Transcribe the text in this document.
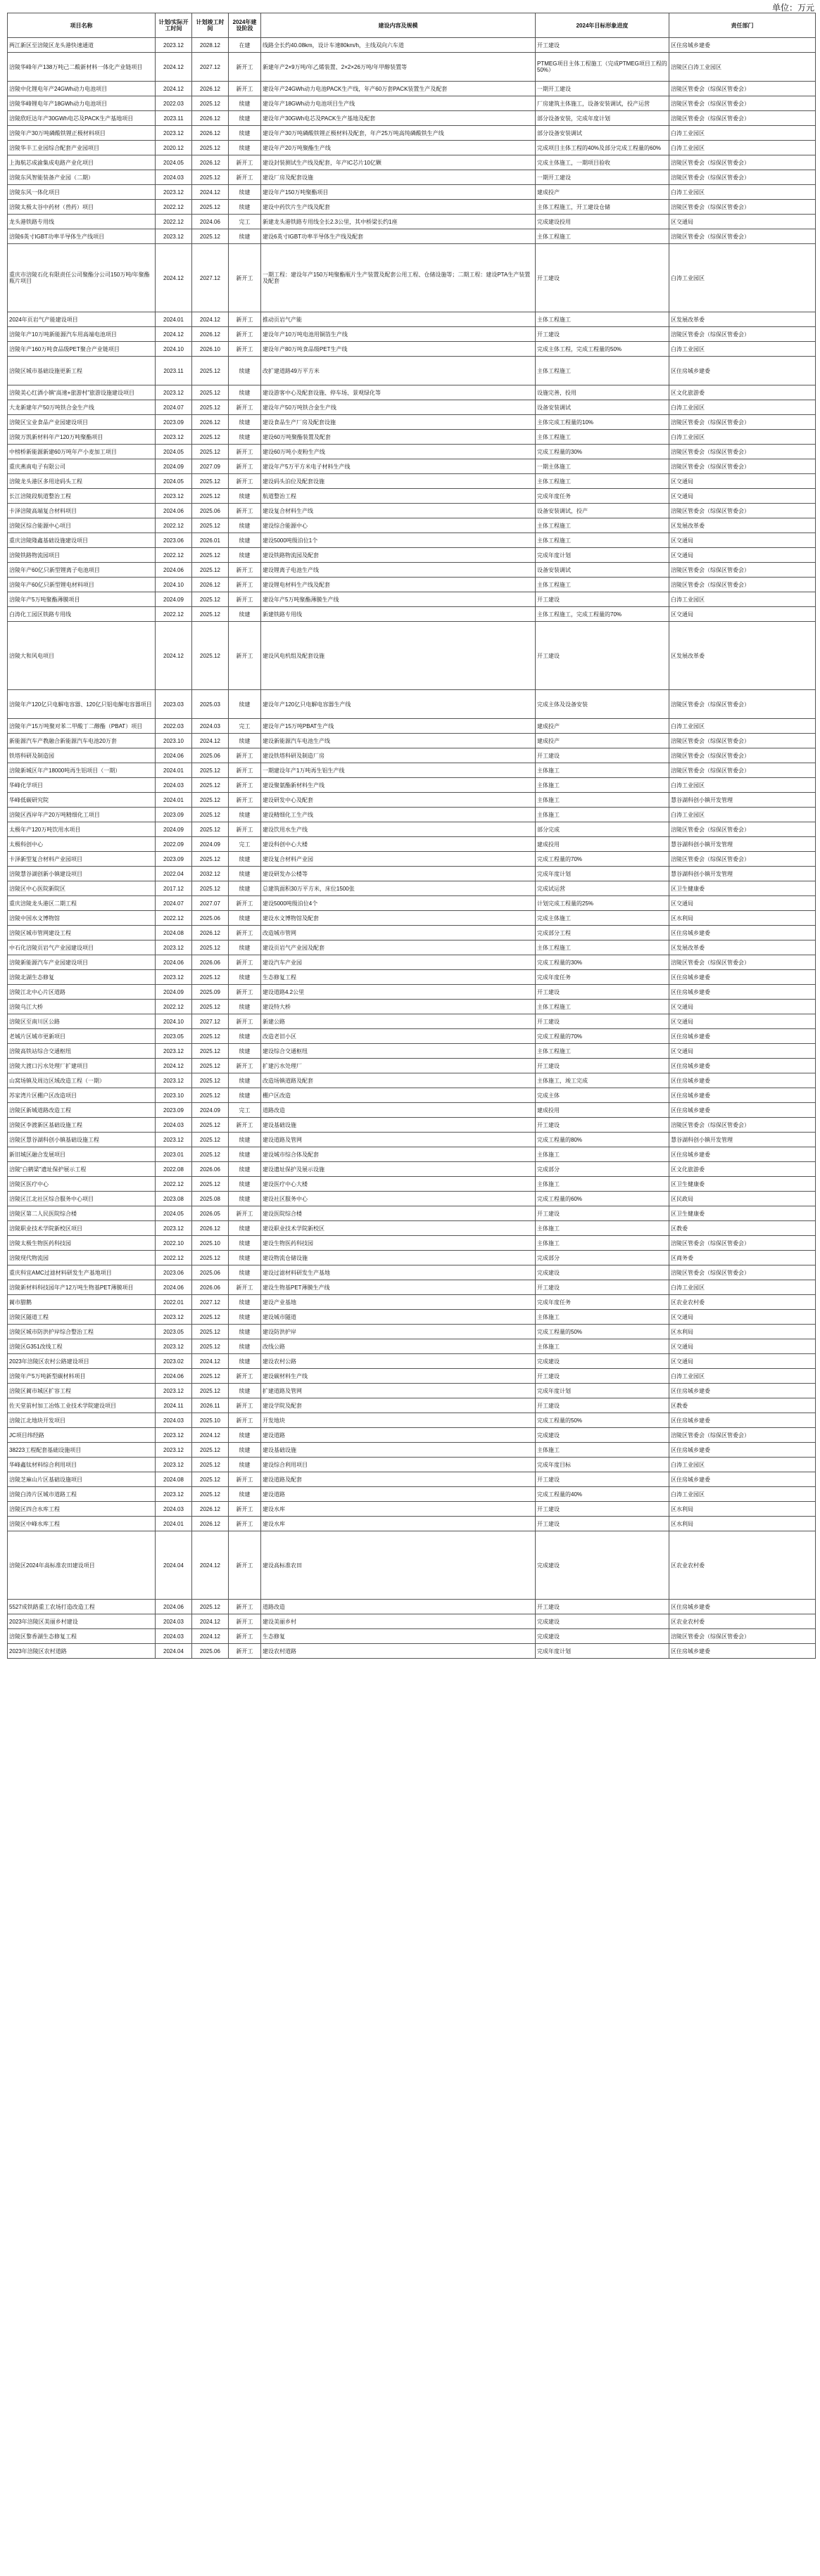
单位：万元
项目名称	计划/实际开工时间	计划竣工时间	2024年建设阶段	建设内容及规模	2024年目标形象进度	责任部门
两江新区至涪陵区龙头港快速通道	2023.12	2028.12	在建	线路全长约40.08km，设计车速80km/h，主线双向六车道	开工建设	区住房城乡建委
涪陵华峰年产138万吨己二酸新材料一体化产业链项目	2024.12	2027.12	新开工	新建年产2×9万吨/年乙烯装置、2×2×26万吨/年甲醇装置等	PTMEG项目主体工程施工（完成PTMEG项目工程的50%）	涪陵区白涛工业园区
涪陵中化锂电年产24GWh动力电池项目	2024.12	2026.12	新开工	建设年产24GWh动力电池PACK生产线，年产60万套PACK装置生产及配套	一期开工建设	涪陵区管委会（综保区管委会）
涪陵华峰锂电年产18GWh动力电池项目	2022.03	2025.12	续建	建设年产18GWh动力电池项目生产线	厂房建筑主体施工，设备安装调试，投产运营	涪陵区管委会（综保区管委会）
涪陵欣旺达年产30GWh电芯及PACK生产基地项目	2023.11	2026.12	续建	建设年产30GWh电芯及PACK生产基地及配套	部分设备安装，完成年度计划	涪陵区管委会（综保区管委会）
涪陵年产30万吨磷酸铁锂正极材料项目	2023.12	2026.12	续建	建设年产30万吨磷酸铁锂正极材料及配套，年产25万吨高纯磷酸铁生产线	部分设备安装调试	白涛工业园区
涪陵华丰工业园综合配套产业园项目	2020.12	2025.12	续建	建设年产20万吨聚酯生产线	完成项目主体工程的40%及部分完成工程量的60%	白涛工业园区
上海航芯成渝集成电路产业化项目	2024.05	2026.12	新开工	建设封装测试生产线及配套，年产IC芯片10亿颗	完成主体施工，一期项目验收	涪陵区管委会（综保区管委会）
涪陵东风智能装备产业园（二期）	2024.03	2025.12	新开工	建设厂房及配套设施	一期开工建设	涪陵区管委会（综保区管委会）
涪陵东风一体化项目	2023.12	2024.12	续建	建设年产150万吨聚酯项目	建成投产	白涛工业园区
涪陵太极太谷中药材（兽药）项目	2022.12	2025.12	续建	建设中药饮片生产线及配套	主体工程施工，开工建设仓储	涪陵区管委会（综保区管委会）
龙头港铁路专用线	2022.12	2024.06	完工	新建龙头港铁路专用线全长2.3公里，其中桥梁长约1座	完成建设投用	区交通局
涪陵6英寸IGBT功率半导体生产线项目	2023.12	2025.12	续建	建设6英寸IGBT功率半导体生产线及配套	主体工程施工	涪陵区管委会（综保区管委会）
重庆市涪陵石化有限责任公司聚酯分公司150万吨/年聚酯瓶片项目	2024.12	2027.12	新开工	一期工程：建设年产150万吨聚酯瓶片生产装置及配套公用工程、仓储设施等；二期工程：建设PTA生产装置及配套	开工建设	白涛工业园区
2024年页岩气产能建设项目	2024.01	2024.12	新开工	推动页岩气产能	主体工程施工	区发展改革委
涪陵年产10万吨新能源汽车用高端电池项目	2024.12	2026.12	新开工	建设年产10万吨电池用铜箔生产线	开工建设	涪陵区管委会（综保区管委会）
涪陵年产160万吨食品级PET聚合产业链项目	2024.10	2026.10	新开工	建设年产80万吨食品级PET生产线	完成主体工程，完成工程量的50%	白涛工业园区
涪陵区城市基础设施更新工程	2023.11	2025.12	续建	改扩建道路49万平方米	主体工程施工	区住房城乡建委
涪陵美心红酒小镇“高速+旅游村”旅游设施建设项目	2023.12	2025.12	续建	建设游客中心及配套设施、停车场、景观绿化等	设施完善，投用	区文化旅游委
大龙新建年产50万吨铁合金生产线	2024.07	2025.12	新开工	建设年产50万吨铁合金生产线	设备安装调试	白涛工业园区
涪陵区宝业食品产业园建设项目	2023.09	2026.12	续建	建设食品生产厂房及配套设施	主体完成工程量的10%	涪陵区管委会（综保区管委会）
涪陵万凯新材料年产120万吨聚酯项目	2023.12	2025.12	续建	建设60万吨聚酯装置及配套	主体工程施工	白涛工业园区
中榜桥新能源新建60万吨年产小麦加工项目	2024.05	2025.12	新开工	建设60万吨小麦粉生产线	完成工程量的30%	涪陵区管委会（综保区管委会）
重庆燕南电子有限公司	2024.09	2027.09	新开工	建设年产5万平方米电子材料生产线	一期主体施工	涪陵区管委会（综保区管委会）
涪陵龙头港区多用途码头工程	2024.05	2025.12	新开工	建设码头泊位及配套设施	主体工程施工	区交通局
长江涪陵段航道整治工程	2023.12	2025.12	续建	航道整治工程	完成年度任务	区交通局
卡泽涪陵高端复合材料项目	2024.06	2025.06	新开工	建设复合材料生产线	设备安装调试，投产	涪陵区管委会（综保区管委会）
涪陵区综合能源中心项目	2022.12	2025.12	续建	建设综合能源中心	主体工程施工	区发展改革委
重庆涪陵隆鑫基础设施建设项目	2023.06	2026.01	续建	建设5000吨级泊位1个	主体工程施工	区交通局
涪陵铁路物流园项目	2022.12	2025.12	续建	建设铁路物流园及配套	完成年度计划	区交通局
涪陵年产60亿只新型锂离子电池项目	2024.06	2025.12	新开工	建设锂离子电池生产线	设备安装调试	涪陵区管委会（综保区管委会）
涪陵年产60亿只新型锂电材料项目	2024.10	2026.12	新开工	建设锂电材料生产线及配套	主体工程施工	涪陵区管委会（综保区管委会）
涪陵年产5万吨聚酯薄膜项目	2024.09	2025.12	新开工	建设年产5万吨聚酯薄膜生产线	开工建设	白涛工业园区
白涛化工园区铁路专用线	2022.12	2025.12	续建	新建铁路专用线	主体工程施工，完成工程量的70%	区交通局
涪陵大和风电项目	2024.12	2025.12	新开工	建设风电机组及配套设施	开工建设	区发展改革委
涪陵年产120亿只电解电容器、120亿只铝电解电容器项目	2023.03	2025.03	续建	建设年产120亿只电解电容器生产线	完成主体及设备安装	涪陵区管委会（综保区管委会）
涪陵年产15万吨聚对苯二甲酸丁二醇酯（PBAT）项目	2022.03	2024.03	完工	建设年产15万吨PBAT生产线	建成投产	白涛工业园区
新能源汽车产教融合新能源汽车电池20万套	2023.10	2024.12	续建	建设新能源汽车电池生产线	建成投产	涪陵区管委会（综保区管委会）
铁塔科研及制造园	2024.06	2025.06	新开工	建设铁塔科研及制造厂房	开工建设	涪陵区管委会（综保区管委会）
涪陵新城区年产18000吨再生铝项目（一期）	2024.01	2025.12	新开工	一期建设年产1万吨再生铝生产线	主体施工	涪陵区管委会（综保区管委会）
华峰化学项目	2024.03	2025.12	新开工	建设聚氨酯新材料生产线	主体施工	白涛工业园区
华峰低碳研究院	2024.01	2025.12	新开工	建设研发中心及配套	主体施工	慧谷湖科创小镇开发管理
涪陵区西岸年产20万吨精细化工项目	2023.09	2025.12	续建	建设精细化工生产线	主体施工	白涛工业园区
太极年产120万吨饮用水项目	2024.09	2025.12	新开工	建设饮用水生产线	部分完成	涪陵区管委会（综保区管委会）
太极科创中心	2022.09	2024.09	完工	建设科创中心大楼	建成投用	慧谷湖科创小镇开发管理
卡泽新型复合材料产业园项目	2023.09	2025.12	续建	建设复合材料产业园	完成工程量的70%	涪陵区管委会（综保区管委会）
涪陵慧谷湖创新小镇建设项目	2022.04	2032.12	续建	建设研发办公楼等	完成年度计划	慧谷湖科创小镇开发管理
涪陵区中心医院新院区	2017.12	2025.12	续建	总建筑面积30万平方米，床位1500张	完成试运营	区卫生健康委
重庆涪陵龙头港区二期工程	2024.07	2027.07	新开工	建设5000吨级泊位4个	计划完成工程量的25%	区交通局
涪陵中国水文博物馆	2022.12	2025.06	续建	建设水文博物馆及配套	完成主体施工	区水利局
涪陵区城市管网建设工程	2024.08	2026.12	新开工	改造城市管网	完成部分工程	区住房城乡建委
中石化涪陵页岩气产业园建设项目	2023.12	2025.12	续建	建设页岩气产业园及配套	主体工程施工	区发展改革委
涪陵新能源汽车产业园建设项目	2024.06	2026.06	新开工	建设汽车产业园	完成工程量的30%	涪陵区管委会（综保区管委会）
涪陵北湖生态修复	2023.12	2025.12	续建	生态修复工程	完成年度任务	区住房城乡建委
涪陵江北中心片区道路	2024.09	2025.09	新开工	建设道路4.2公里	开工建设	区住房城乡建委
涪陵乌江大桥	2022.12	2025.12	续建	建设特大桥	主体工程施工	区交通局
涪陵区至南川区公路	2024.10	2027.12	新开工	新建公路	开工建设	区交通局
老城片区城市更新项目	2023.05	2025.12	续建	改造老旧小区	完成工程量的70%	区住房城乡建委
涪陵高铁站综合交通枢纽	2023.12	2025.12	续建	建设综合交通枢纽	主体工程施工	区交通局
涪陵大渡口污水处理厂扩建项目	2024.12	2025.12	新开工	扩建污水处理厂	开工建设	区住房城乡建委
山窝场镇及周边区域改造工程（一期）	2023.12	2025.12	续建	改造场镇道路及配套	主体施工，竣工完成	区住房城乡建委
苏家湾片区棚户区改造项目	2023.10	2025.12	续建	棚户区改造	完成主体	区住房城乡建委
涪陵区新城道路改造工程	2023.09	2024.09	完工	道路改造	建成投用	区住房城乡建委
涪陵区李渡新区基础设施工程	2024.03	2025.12	新开工	建设基础设施	开工建设	涪陵区管委会（综保区管委会）
涪陵区慧谷湖科创小镇基础设施工程	2023.12	2025.12	续建	建设道路及管网	完成工程量的80%	慧谷湖科创小镇开发管理
新旧城区融合发展项目	2023.01	2025.12	续建	建设城市综合体及配套	主体施工	区住房城乡建委
涪陵“白鹤梁”遗址保护展示工程	2022.08	2026.06	续建	建设遗址保护及展示设施	完成部分	区文化旅游委
涪陵区医疗中心	2022.12	2025.12	续建	建设医疗中心大楼	主体施工	区卫生健康委
涪陵区江北社区综合服务中心项目	2023.08	2025.08	续建	建设社区服务中心	完成工程量的60%	区民政局
涪陵区第二人民医院综合楼	2024.05	2026.05	新开工	建设医院综合楼	开工建设	区卫生健康委
涪陵职业技术学院新校区项目	2023.12	2026.12	续建	建设职业技术学院新校区	主体施工	区教委
涪陵太极生物医药科技园	2022.10	2025.10	续建	建设生物医药科技园	主体施工	涪陵区管委会（综保区管委会）
涪陵现代物流园	2022.12	2025.12	续建	建设物流仓储设施	完成部分	区商务委
重庆科宜AMC过滤材料研发生产基地项目	2023.06	2025.06	续建	建设过滤材料研发生产基地	完成建设	涪陵区管委会（综保区管委会）
涪陵新材料科技园年产12万吨生物基PET薄膜项目	2024.06	2026.06	新开工	建设生物基PET薄膜生产线	开工建设	白涛工业园区
蔺市腊鹅	2022.01	2027.12	续建	建设产业基地	完成年度任务	区农业农村委
涪陵区隧道工程	2023.12	2025.12	续建	建设城市隧道	主体施工	区交通局
涪陵区城市防洪护岸综合整治工程	2023.05	2025.12	续建	建设防洪护岸	完成工程量的50%	区水利局
涪陵区G351改线工程	2023.12	2025.12	续建	改线公路	主体施工	区交通局
2023年涪陵区农村公路建设项目	2023.02	2024.12	续建	建设农村公路	完成建设	区交通局
涪陵年产5万吨新型碳材料项目	2024.06	2025.12	新开工	建设碳材料生产线	开工建设	白涛工业园区
涪陵区蔺市城区扩容工程	2023.12	2025.12	续建	扩建道路及管网	完成年度计划	区住房城乡建委
佐天堂前村加工冶炼工业技术学院建设项目	2024.11	2026.11	新开工	建设学院及配套	开工建设	区教委
涪陵江北地块开发项目	2024.03	2025.10	新开工	开发地块	完成工程量的50%	区住房城乡建委
JC项目纬经路	2023.12	2024.12	续建	建设道路	完成建设	涪陵区管委会（综保区管委会）
38223工程配套基础设施项目	2023.12	2025.12	续建	建设基础设施	主体施工	区住房城乡建委
华峰鑫钛材料综合利用项目	2023.12	2025.12	续建	建设综合利用项目	完成年度目标	白涛工业园区
涪陵芝麻山片区基础设施项目	2024.08	2025.12	新开工	建设道路及配套	开工建设	区住房城乡建委
涪陵白涛片区城市道路工程	2023.12	2025.12	续建	建设道路	完成工程量的40%	白涛工业园区
涪陵区四合水库工程	2024.03	2026.12	新开工	建设水库	开工建设	区水利局
涪陵区中峰水库工程	2024.01	2026.12	新开工	建设水库	开工建设	区水利局
涪陵区2024年高标准农田建设项目	2024.04	2024.12	新开工	建设高标准农田	完成建设	区农业农村委
5527成铁路重工农场打造改造工程	2024.06	2025.12	新开工	道路改造	开工建设	区住房城乡建委
2023年涪陵区美丽乡村建设	2024.03	2024.12	新开工	建设美丽乡村	完成建设	区农业农村委
涪陵区黎香湖生态修复工程	2024.03	2024.12	新开工	生态修复	完成建设	涪陵区管委会（综保区管委会）
2023年涪陵区农村道路	2024.04	2025.06	新开工	建设农村道路	完成年度计划	区住房城乡建委
